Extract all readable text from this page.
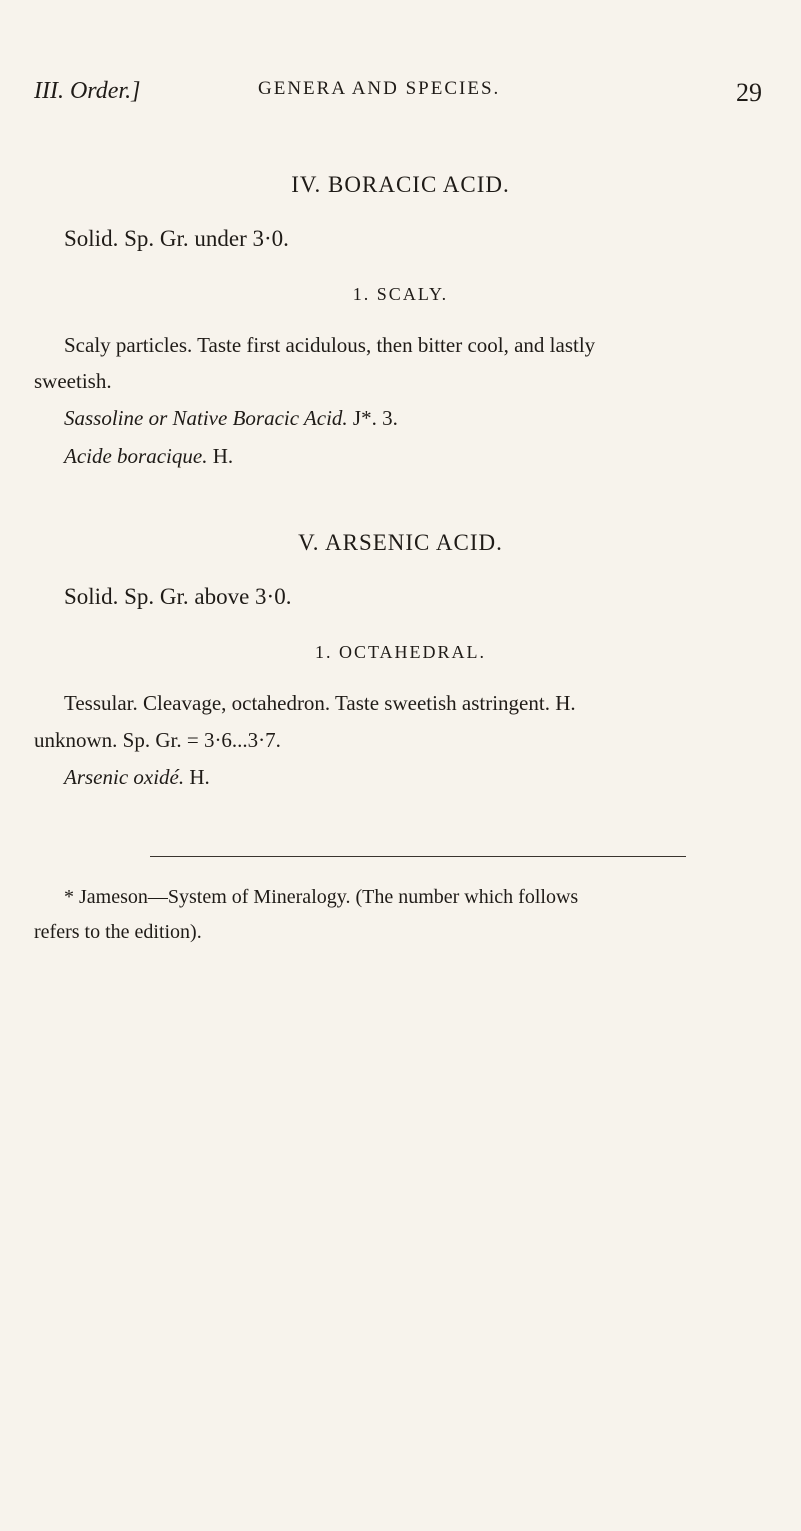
III. Order.]	GENERA AND SPECIES.	29
IV. BORACIC ACID.
Solid. Sp. Gr. under 3·0.
1. SCALY.
Scaly particles. Taste first acidulous, then bitter cool, and lastly
sweetish.
Sassoline or Native Boracic Acid. J*. 3.
Acide boracique. H.
V. ARSENIC ACID.
Solid. Sp. Gr. above 3·0.
1. OCTAHEDRAL.
Tessular. Cleavage, octahedron. Taste sweetish astringent. H.
unknown. Sp. Gr. = 3·6...3·7.
Arsenic oxidé. H.
* Jameson—System of Mineralogy. (The number which follows
refers to the edition).
